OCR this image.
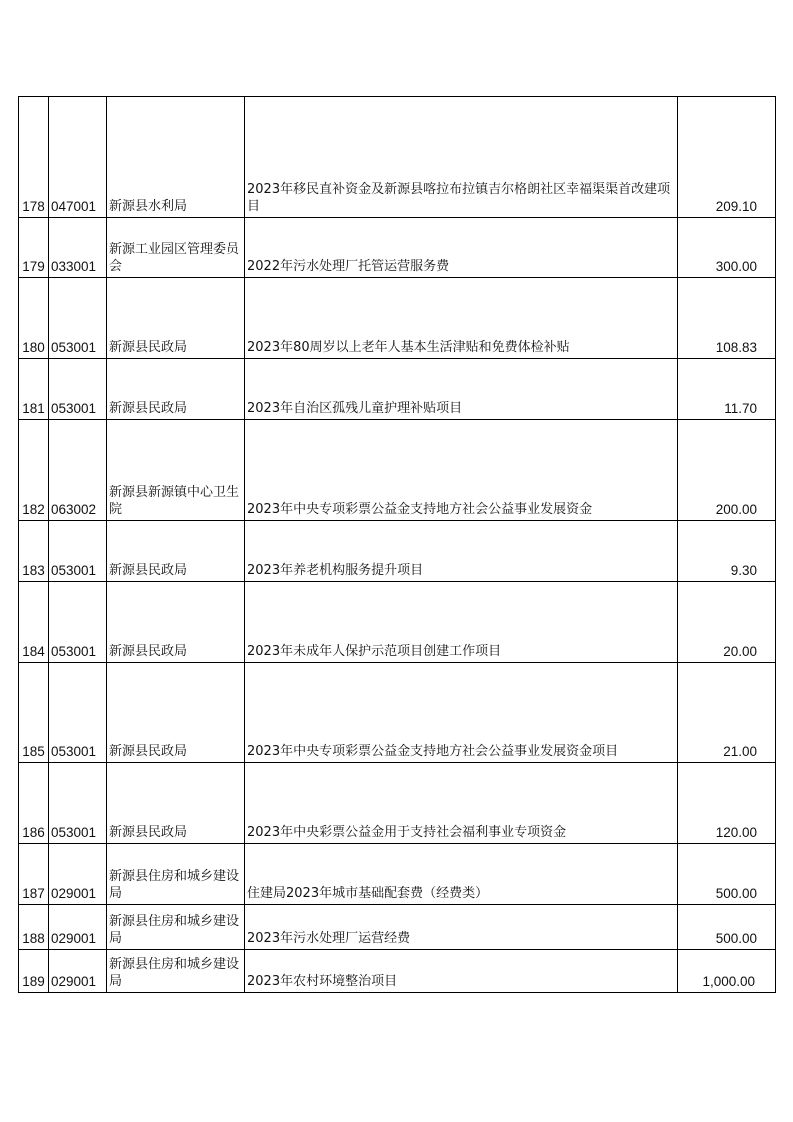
178	047001	新源县水利局	2023年移民直补资金及新源县喀拉布拉镇吉尔格朗社区幸福渠渠首改建项目	209.10
179	033001	新源工业园区管理委员会	2022年污水处理厂托管运营服务费	300.00
180	053001	新源县民政局	2023年80周岁以上老年人基本生活津贴和免费体检补贴	108.83
181	053001	新源县民政局	2023年自治区孤残儿童护理补贴项目	11.70
182	063002	新源县新源镇中心卫生院	2023年中央专项彩票公益金支持地方社会公益事业发展资金	200.00
183	053001	新源县民政局	2023年养老机构服务提升项目	9.30
184	053001	新源县民政局	2023年未成年人保护示范项目创建工作项目	20.00
185	053001	新源县民政局	2023年中央专项彩票公益金支持地方社会公益事业发展资金项目	21.00
186	053001	新源县民政局	2023年中央彩票公益金用于支持社会福利事业专项资金	120.00
187	029001	新源县住房和城乡建设局	住建局2023年城市基础配套费（经费类）	500.00
188	029001	新源县住房和城乡建设局	2023年污水处理厂运营经费	500.00
189	029001	新源县住房和城乡建设局	2023年农村环境整治项目	1,000.00
